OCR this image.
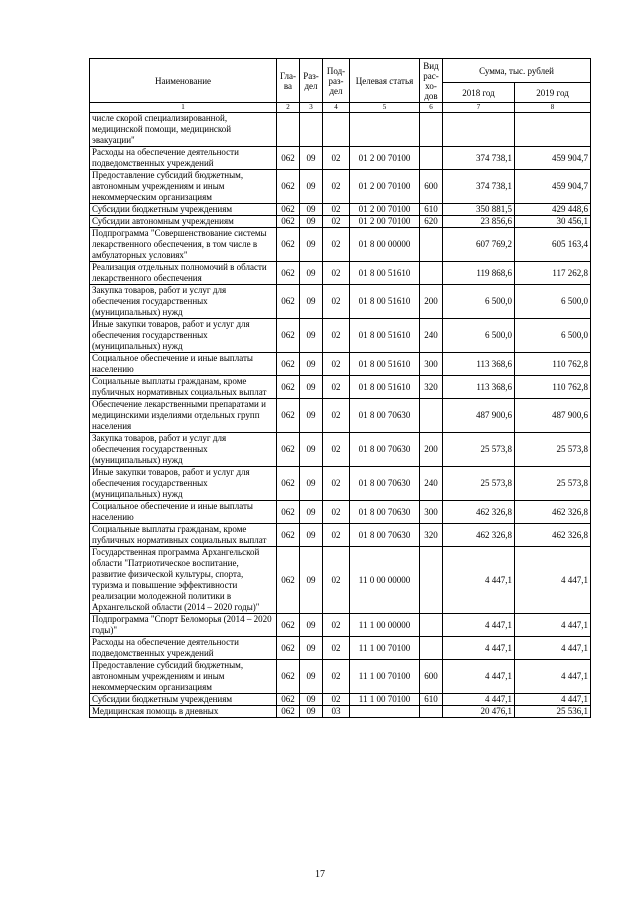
Наименование	Гла-ва	Раз-дел	Под-раз-дел	Целевая статья	Вид рас-хо-дов	Сумма, тыс. рублей	
						2018 год	2019 год
1	2	3	4	5	6	7	8
числе скорой специализированной, медицинской помощи, медицинской эвакуации"							
Расходы на обеспечение деятельности подведомственных учреждений	062	09	02	01 2 00 70100		374 738,1	459 904,7
Предоставление субсидий бюджетным, автономным учреждениям и иным некоммерческим организациям	062	09	02	01 2 00 70100	600	374 738,1	459 904,7
Субсидии бюджетным учреждениям	062	09	02	01 2 00 70100	610	350 881,5	429 448,6
Субсидии автономным учреждениям	062	09	02	01 2 00 70100	620	23 856,6	30 456,1
Подпрограмма "Совершенствование системы лекарственного обеспечения, в том числе в амбулаторных условиях"	062	09	02	01 8 00 00000		607 769,2	605 163,4
Реализация отдельных полномочий в области лекарственного обеспечения	062	09	02	01 8 00 51610		119 868,6	117 262,8
Закупка товаров, работ и услуг для обеспечения государственных (муниципальных) нужд	062	09	02	01 8 00 51610	200	6 500,0	6 500,0
Иные закупки товаров, работ и услуг для обеспечения государственных (муниципальных) нужд	062	09	02	01 8 00 51610	240	6 500,0	6 500,0
Социальное обеспечение и иные выплаты населению	062	09	02	01 8 00 51610	300	113 368,6	110 762,8
Социальные выплаты гражданам, кроме публичных нормативных социальных выплат	062	09	02	01 8 00 51610	320	113 368,6	110 762,8
Обеспечение лекарственными препаратами и медицинскими изделиями отдельных групп населения	062	09	02	01 8 00 70630		487 900,6	487 900,6
Закупка товаров, работ и услуг для обеспечения государственных (муниципальных) нужд	062	09	02	01 8 00 70630	200	25 573,8	25 573,8
Иные закупки товаров, работ и услуг для обеспечения государственных (муниципальных) нужд	062	09	02	01 8 00 70630	240	25 573,8	25 573,8
Социальное обеспечение и иные выплаты населению	062	09	02	01 8 00 70630	300	462 326,8	462 326,8
Социальные выплаты гражданам, кроме публичных нормативных социальных выплат	062	09	02	01 8 00 70630	320	462 326,8	462 326,8
Государственная программа Архангельской области "Патриотическое воспитание, развитие физической культуры, спорта, туризма и повышение эффективности реализации молодежной политики в Архангельской области (2014 – 2020 годы)"	062	09	02	11 0 00 00000		4 447,1	4 447,1
Подпрограмма "Спорт Беломорья (2014 – 2020 годы)"	062	09	02	11 1 00 00000		4 447,1	4 447,1
Расходы на обеспечение деятельности подведомственных учреждений	062	09	02	11 1 00 70100		4 447,1	4 447,1
Предоставление субсидий бюджетным, автономным учреждениям и иным некоммерческим организациям	062	09	02	11 1 00 70100	600	4 447,1	4 447,1
Субсидии бюджетным учреждениям	062	09	02	11 1 00 70100	610	4 447,1	4 447,1
Медицинская помощь в дневных	062	09	03			20 476,1	25 536,1
17
